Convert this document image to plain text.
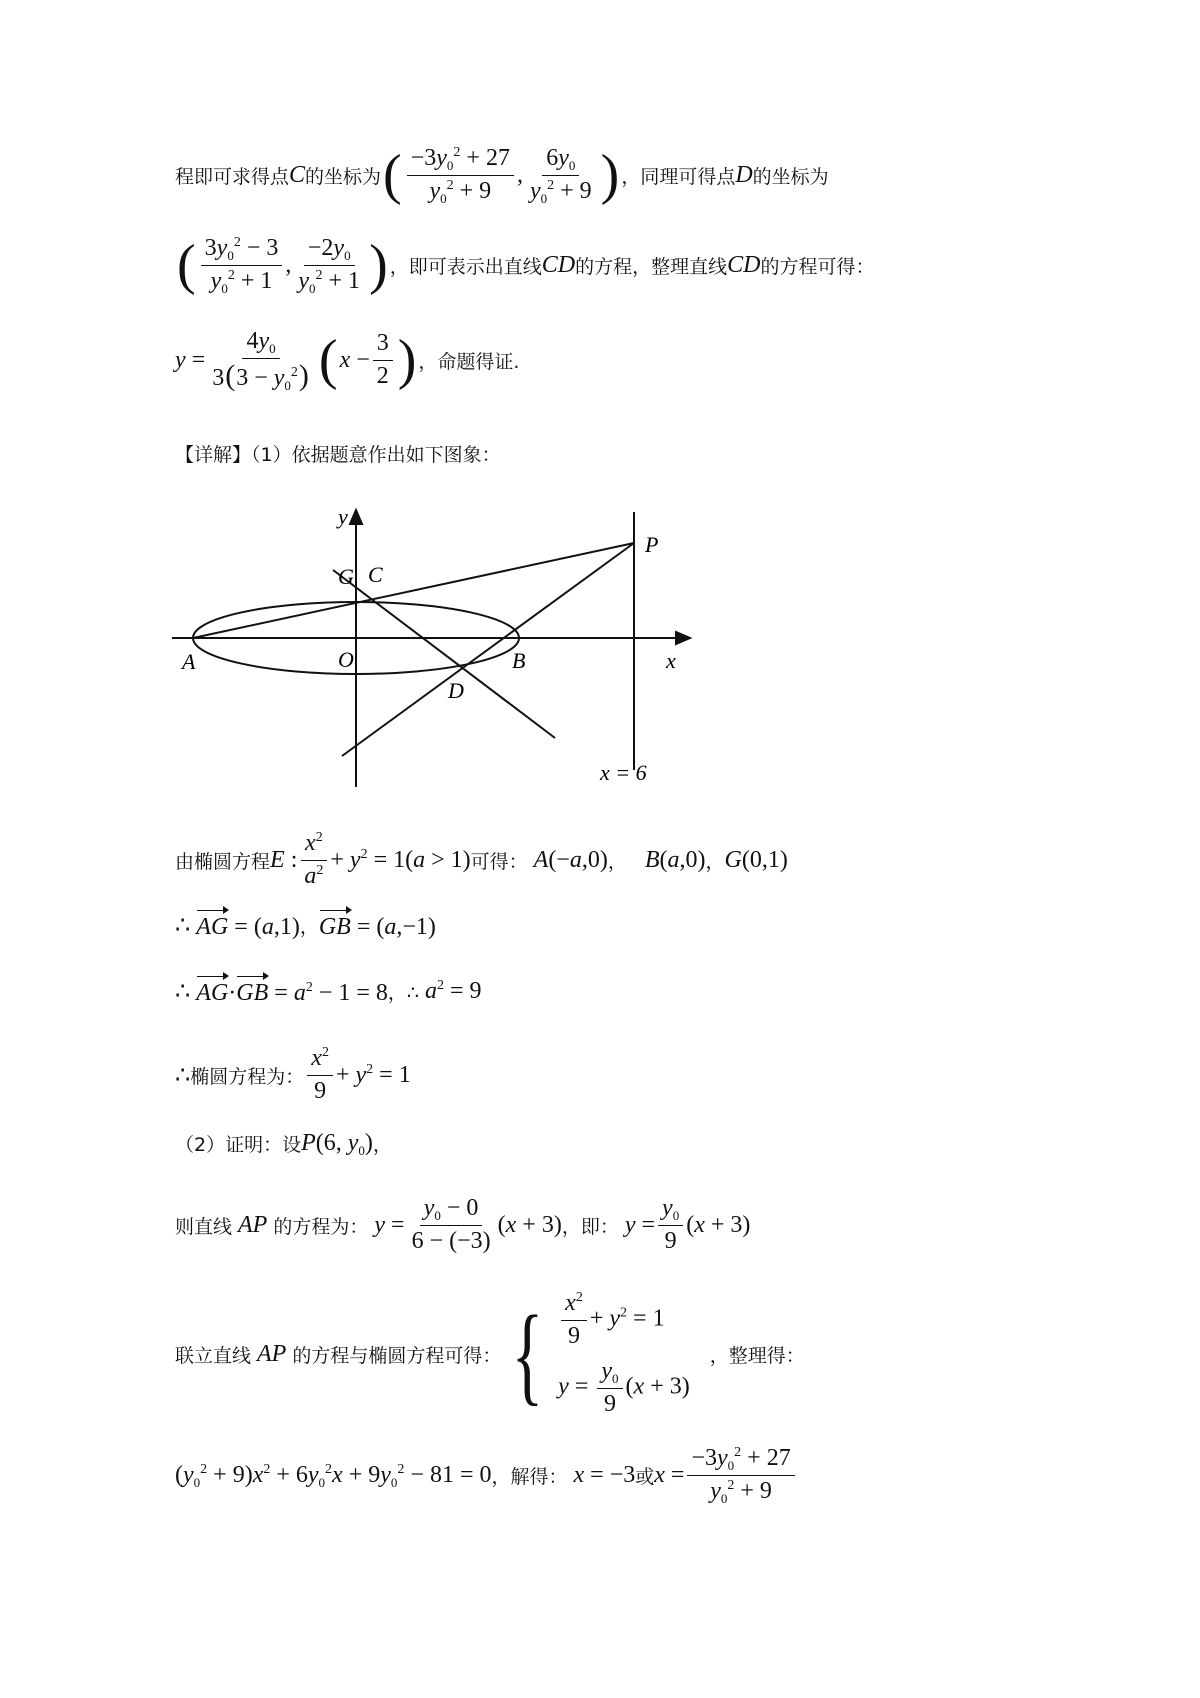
程即可求得点 C 的坐标为 ( $\frac{-3y_0^2 + 27}{y_0^2 + 9}$ , $\frac{6y_0}{y_0^2 + 9}$ ) ，同理可得点 D 的坐标为
( $\frac{3y_0^2 - 3}{y_0^2 + 1}$ , $\frac{-2y_0}{y_0^2 + 1}$ ) ，即可表示出直线 CD 的方程，整理直线 CD 的方程可得：
$y = \frac{4y_0}{3(3 - y_0^2)}$ ( $x - \frac{3}{2}$ ) ，命题得证.
【详解】（1）依据题意作出如下图象：
y
x
O
A	B
C
G
D
P
x = 6
由椭圆方程 E : $\frac{x^2}{a^2} + y^2 = 1(a > 1)$ 可得： A(−a,0) ， B(a,0) ， G(0,1)
∴ AG = (a,1) ， GB = (a,−1)
∴ $AG\cdot GB = a^2 - 1 = 8$ ，∴ $a^2 = 9$
∴ 椭圆方程为： $\frac{x^2}{9} + y^2 = 1$
（2）证明：设 P(6, $y_0$) ，
则直线 AP 的方程为： $y = \frac{y_0 - 0}{6 - (-3)} (x + 3)$ ，即： $y = \frac{y_0}{9} (x + 3)$
联立直线 AP 的方程与椭圆方程可得： { $\frac{x^2}{9} + y^2 = 1$
$y = \frac{y_0}{9} (x + 3)$
，整理得：
$(y_0^2 + 9)x^2 + 6y_0^2x + 9y_0^2 - 81 = 0$ ，解得： x = −3 或 $x = \frac{-3y_0^2 + 27}{y_0^2 + 9}$
